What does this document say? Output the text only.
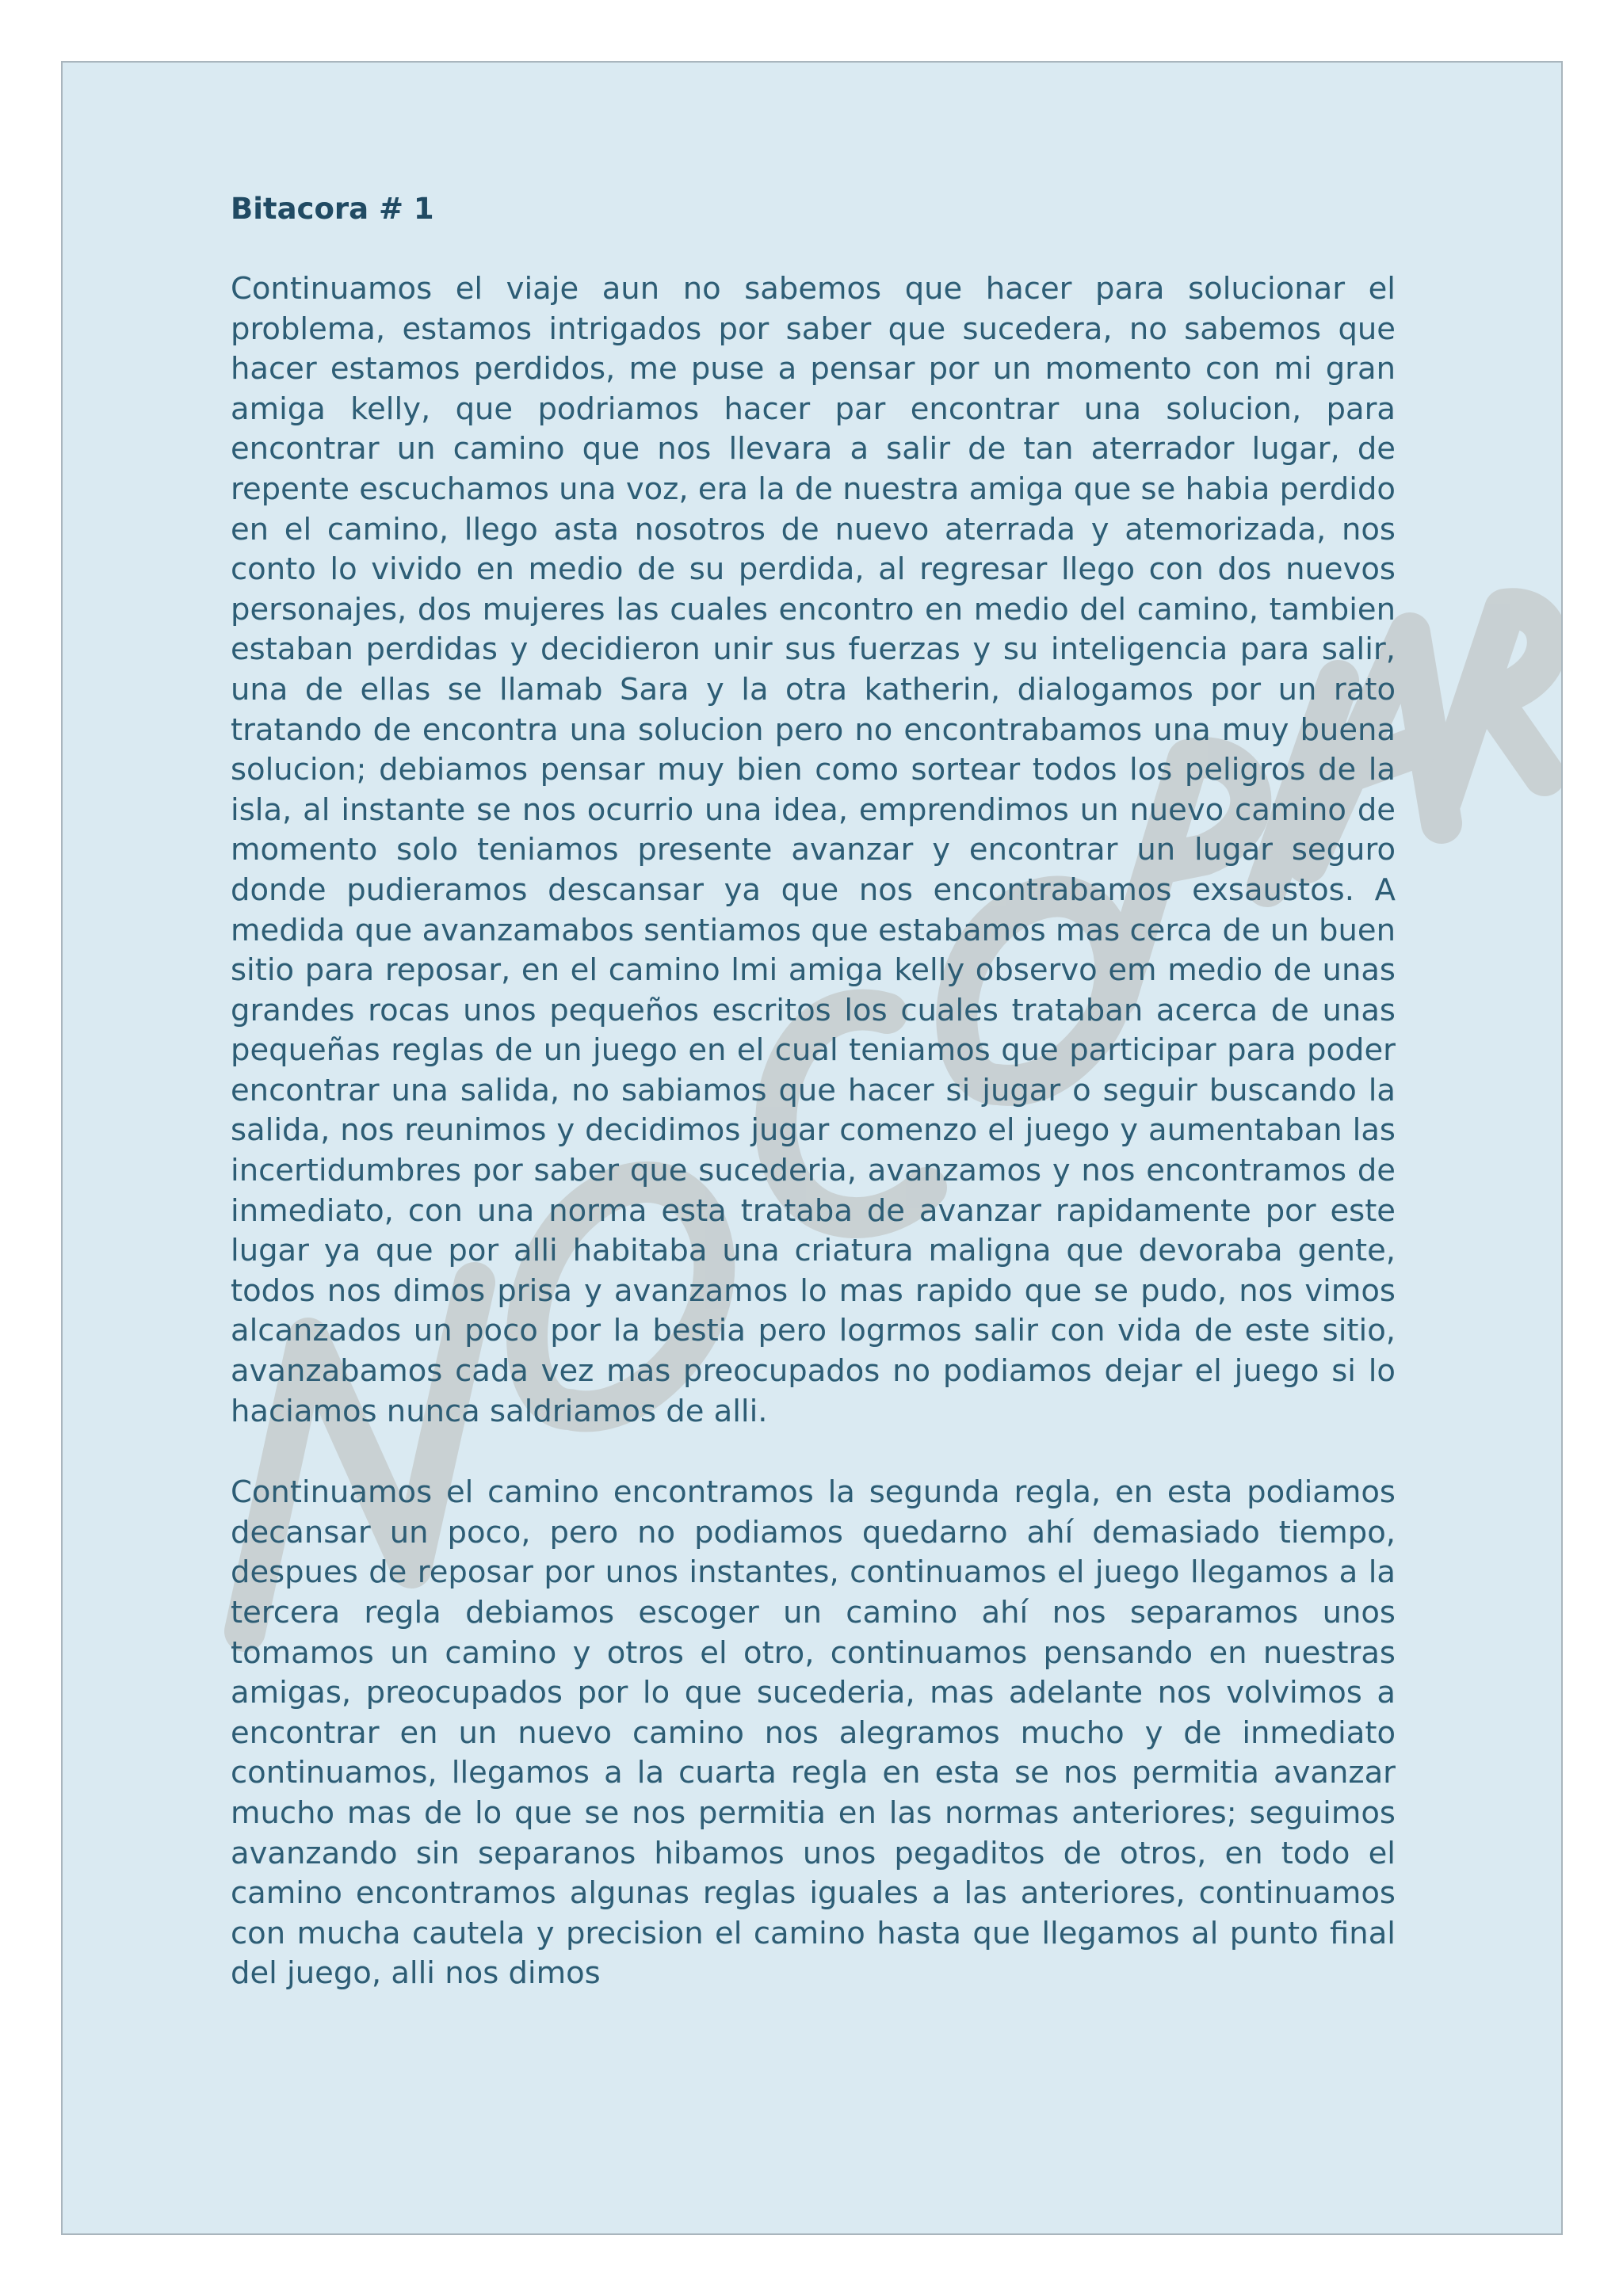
Bitacora # 1

Continuamos el viaje aun no sabemos que hacer para solucionar el problema, estamos intrigados por saber que sucedera, no sabemos que hacer estamos perdidos, me puse a pensar por un momento con mi gran amiga kelly, que podriamos hacer par encontrar una solucion, para encontrar un camino que nos llevara a salir de tan aterrador lugar, de repente escuchamos una voz, era la de nuestra amiga que se habia perdido en el camino, llego asta nosotros de nuevo aterrada y atemorizada, nos conto lo vivido en medio de su perdida, al regresar llego con dos nuevos personajes, dos mujeres las cuales encontro en medio del camino, tambien estaban perdidas y decidieron unir sus fuerzas y su inteligencia para salir, una de ellas se llamab Sara y la otra katherin, dialogamos por un rato tratando de encontra una solucion pero no encontrabamos una muy buena solucion; debiamos pensar muy bien como sortear todos los peligros de la isla, al instante se nos ocurrio una idea, emprendimos un nuevo camino de momento solo teniamos presente avanzar y encontrar un lugar seguro donde pudieramos descansar ya que nos encontrabamos exsaustos. A medida que avanzamabos sentiamos que estabamos mas cerca de un buen sitio para reposar, en el camino lmi amiga kelly observo em medio de unas grandes rocas unos pequeños escritos los cuales trataban acerca de unas pequeñas reglas de un juego en el cual teniamos que participar para poder encontrar una salida, no sabiamos que hacer si jugar o seguir buscando la salida, nos reunimos y decidimos jugar comenzo el juego y aumentaban las incertidumbres por saber que sucederia, avanzamos y nos encontramos de inmediato, con una norma esta trataba de avanzar rapidamente por este lugar ya que por alli habitaba una criatura maligna que devoraba gente, todos nos dimos prisa y avanzamos lo mas rapido que se pudo, nos vimos alcanzados un poco por la bestia pero logrmos salir con vida de este sitio, avanzabamos cada vez mas preocupados no podiamos dejar el juego si lo haciamos nunca saldriamos de alli.

Continuamos el camino encontramos la segunda regla, en esta podiamos decansar un poco, pero no podiamos quedarno ahí demasiado tiempo, despues de reposar por unos instantes, continuamos el juego llegamos a la tercera regla debiamos escoger un camino ahí nos separamos unos tomamos un camino y otros el otro, continuamos pensando en nuestras amigas, preocupados por lo que sucederia, mas adelante nos volvimos a encontrar en un nuevo camino nos alegramos mucho y de inmediato continuamos, llegamos a la cuarta regla en esta se nos permitia avanzar mucho mas de lo que se nos permitia en las normas anteriores; seguimos avanzando sin separanos hibamos unos pegaditos de otros, en todo el camino encontramos algunas reglas iguales a las anteriores, continuamos con mucha cautela y precision el camino hasta que llegamos al punto final del juego, alli nos dimos
